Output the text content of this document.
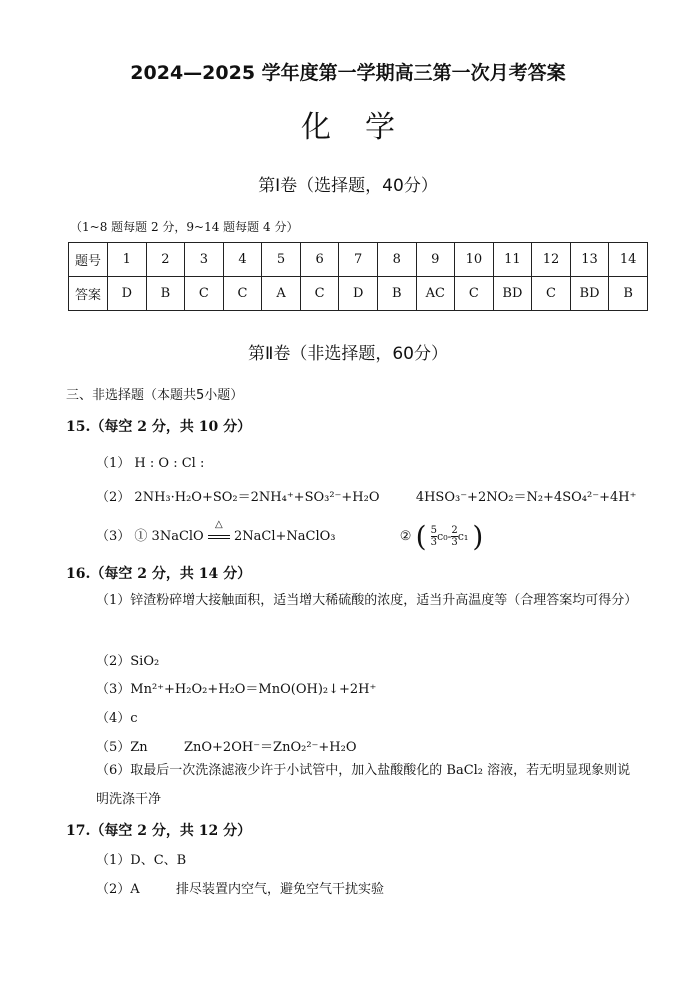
2024—2025 学年度第一学期高三第一次月考答案
化学
第Ⅰ卷（选择题，40分）
（1~8 题每题 2 分，9~14 题每题 4 分）
题号	1	2	3	4	5	6	7	8	9	10	11	12	13	14
答案	D	B	C	C	A	C	D	B	AC	C	BD	C	BD	B
第Ⅱ卷（非选择题，60分）
三、非选择题（本题共5小题）
15.（每空 2 分，共 10 分）
（1） H : O : Cl :
（2） 2NH₃·H₂O+SO₂＝2NH₄⁺+SO₃²⁻+H₂O	4HSO₃⁻+2NO₂＝N₂+4SO₄²⁻+4H⁺
（3） ① 3NaClO
△
2NaCl+NaClO₃	② ( $\frac{5}{3} c_0- \frac{2}{3} c_1$ )
16.（每空 2 分，共 14 分）
（1）锌渣粉碎增大接触面积，适当增大稀硫酸的浓度，适当升高温度等（合理答案均可得分）
（2）SiO₂
（3）Mn²⁺+H₂O₂+H₂O＝MnO(OH)₂↓+2H⁺
（4）c
（5）Zn	ZnO+2OH⁻＝ZnO₂²⁻+H₂O
（6）取最后一次洗涤滤液少许于小试管中，加入盐酸酸化的 BaCl₂ 溶液，若无明显现象则说明洗涤干净
17.（每空 2 分，共 12 分）
（1）D、C、B
（2）A	排尽装置内空气，避免空气干扰实验
